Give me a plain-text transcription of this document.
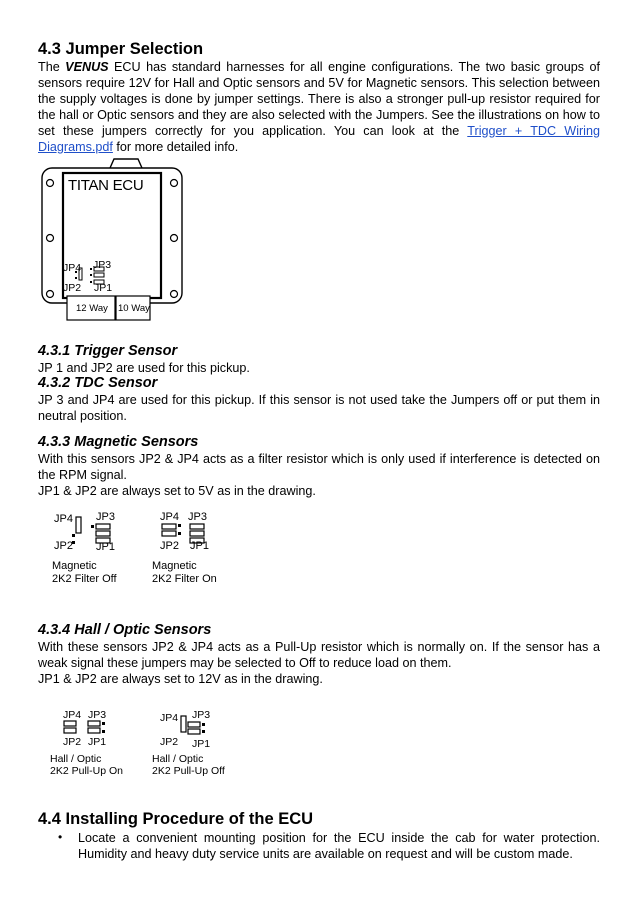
4.3 Jumper Selection
The VENUS ECU has standard harnesses for all engine configurations. The two basic groups of sensors require 12V for Hall and Optic sensors and 5V for Magnetic sensors. This selection between the supply voltages is done by jumper settings. There is also a stronger pull-up resistor required for the hall or Optic sensors and they are also selected with the Jumpers. See the illustrations on how to set these jumpers correctly for you application. You can look at the Trigger + TDC Wiring Diagrams.pdf for more detailed info.
TITAN ECU
JP4 JP3
JP2 JP1
12 Way 10 Way
4.3.1 Trigger Sensor
JP 1 and JP2 are used for this pickup.
4.3.2 TDC Sensor
JP 3 and JP4 are used for this pickup. If this sensor is not used take the Jumpers off or put them in neutral position.
4.3.3 Magnetic Sensors
With this sensors JP2 & JP4 acts as a filter resistor which is only used if interference is detected on the RPM signal.
JP1 & JP2 are always set to 5V as in the drawing.
JP4 JP3
JP2 JP1
Magnetic
2K2 Filter Off
JP4 JP3
JP2 JP1
Magnetic
2K2 Filter On
4.3.4 Hall / Optic Sensors
With these sensors JP2 & JP4 acts as a Pull-Up resistor which is normally on. If the sensor has a weak signal these jumpers may be selected to Off to reduce load on them.
JP1 & JP2 are always set to 12V as in the drawing.
JP4 JP3
JP2 JP1
Hall / Optic
2K2 Pull-Up On
JP4 JP3
JP2 JP1
Hall / Optic
2K2 Pull-Up Off
4.4 Installing Procedure of the ECU
• Locate a convenient mounting position for the ECU inside the cab for water protection. Humidity and heavy duty service units are available on request and will be custom made.
